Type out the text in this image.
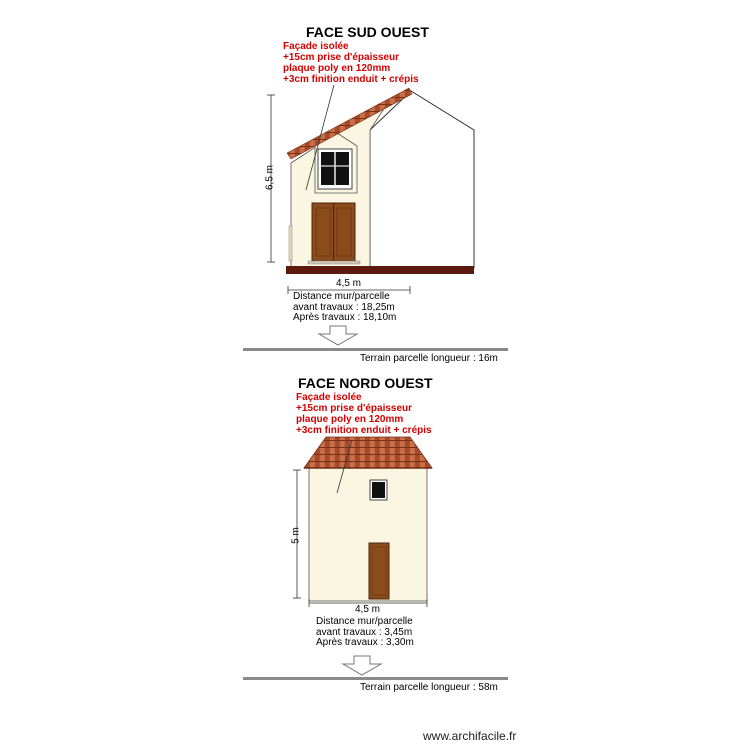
FACE SUD OUEST
Façade isolée
+15cm prise d'épaisseur
plaque poly en 120mm
+3cm finition enduit + crépis
6,5 m
4,5 m
Distance mur/parcelle
avant travaux : 18,25m
Après travaux : 18,10m
Terrain parcelle longueur : 16m
FACE NORD OUEST
Façade isolée
+15cm prise d'épaisseur
plaque poly en 120mm
+3cm finition enduit + crépis
5 m
4,5 m
Distance mur/parcelle
avant travaux : 3,45m
Après travaux : 3,30m
Terrain parcelle longueur : 58m
www.archifacile.fr
